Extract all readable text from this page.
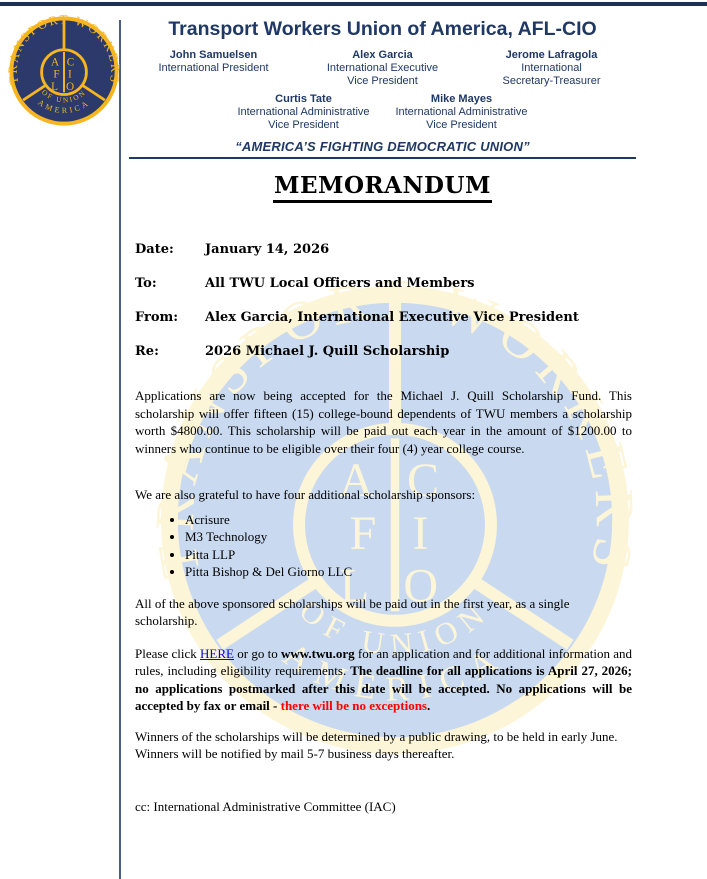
Transport Workers Union of America, AFL-CIO
John Samuelsen
International President
Alex Garcia
International Executive
Vice President
Jerome Lafragola
International
Secretary-Treasurer
Curtis Tate
International Administrative
Vice President
Mike Mayes
International Administrative
Vice President
“AMERICA’S FIGHTING DEMOCRATIC UNION”
MEMORANDUM
Date:	January 14, 2026
To:	All TWU Local Officers and Members
From:	Alex Garcia, International Executive Vice President
Re:	2026 Michael J. Quill Scholarship

Applications are now being accepted for the Michael J. Quill Scholarship Fund. This scholarship will offer fifteen (15) college-bound dependents of TWU members a scholarship worth $4800.00. This scholarship will be paid out each year in the amount of $1200.00 to winners who continue to be eligible over their four (4) year college course.

We are also grateful to have four additional scholarship sponsors:

• Acrisure
• M3 Technology
• Pitta LLP
• Pitta Bishop & Del Giorno LLC

All of the above sponsored scholarships will be paid out in the first year, as a single scholarship.

Please click HERE or go to www.twu.org for an application and for additional information and rules, including eligibility requirements. The deadline for all applications is April 27, 2026; no applications postmarked after this date will be accepted. No applications will be accepted by fax or email - there will be no exceptions.

Winners of the scholarships will be determined by a public drawing, to be held in early June. Winners will be notified by mail 5-7 business days thereafter.

cc: International Administrative Committee (IAC)
